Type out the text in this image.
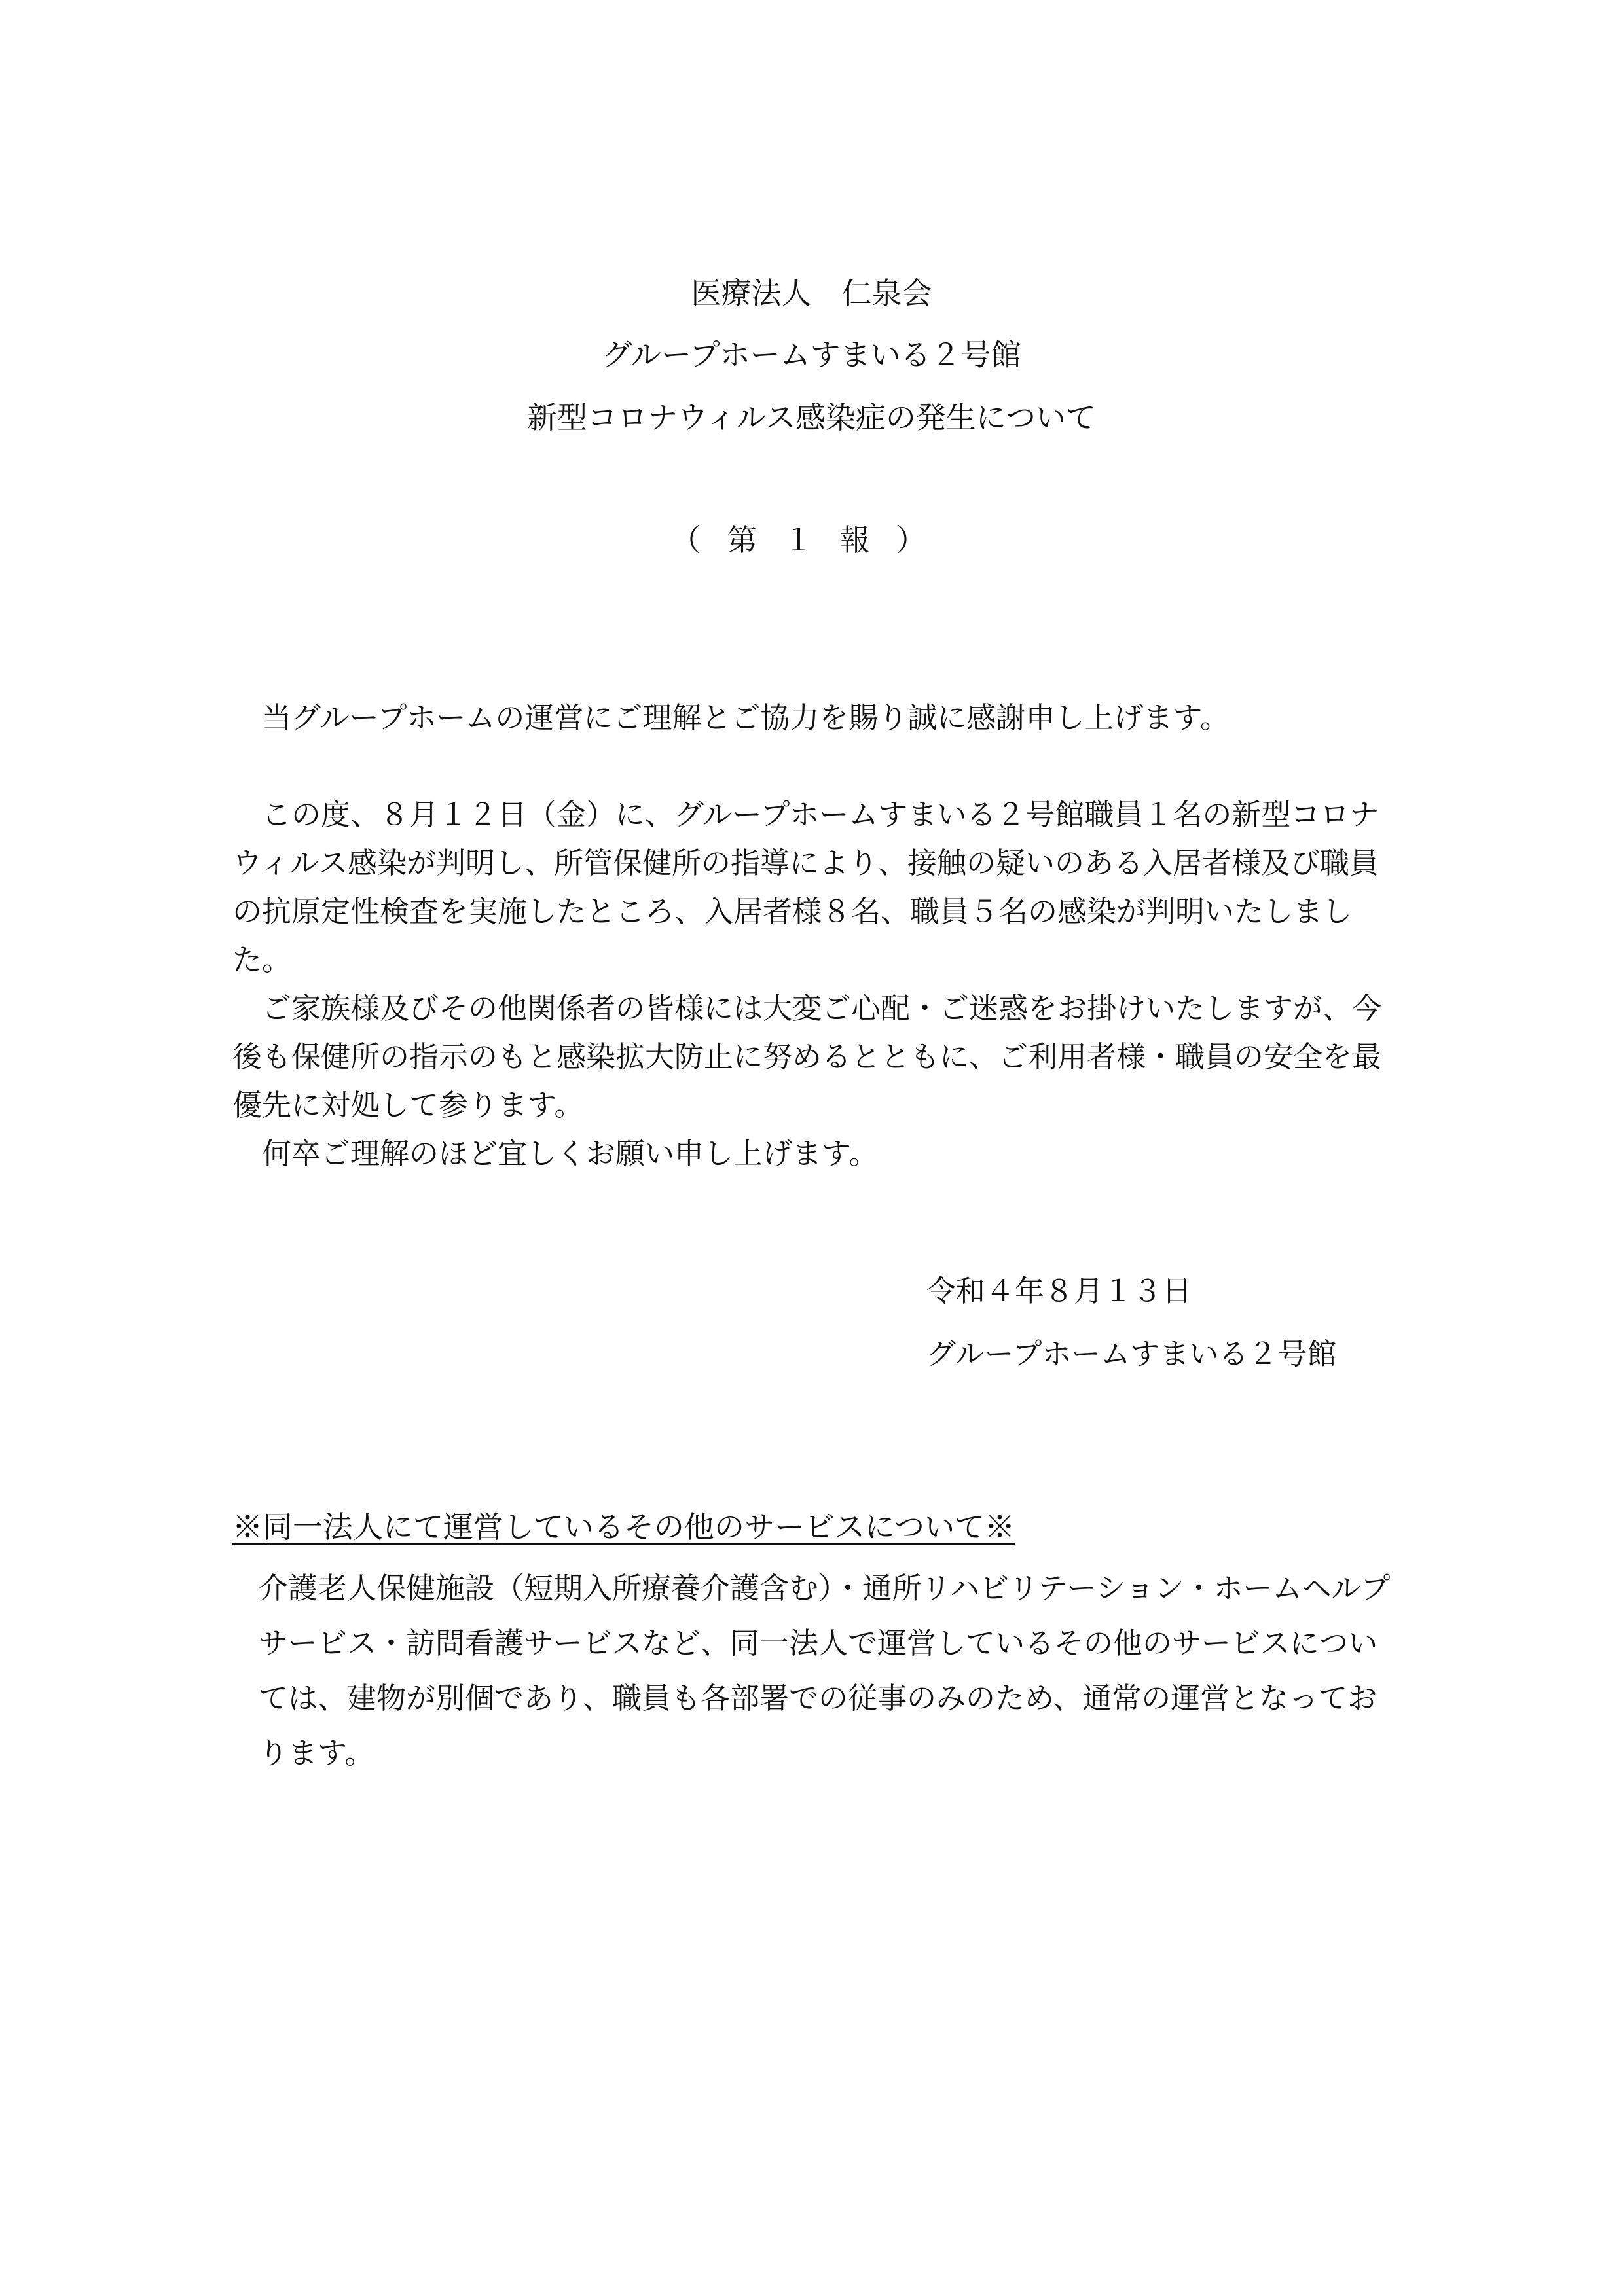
医療法人　仁泉会
グループホームすまいる２号館
新型コロナウィルス感染症の発生について
（第１報）

当グループホームの運営にご理解とご協力を賜り誠に感謝申し上げます。

この度、８月１２日（金）に、グループホームすまいる２号館職員１名の新型コロナウィルス感染が判明し、所管保健所の指導により、接触の疑いのある入居者様及び職員の抗原定性検査を実施したところ、入居者様８名、職員５名の感染が判明いたしました。

ご家族様及びその他関係者の皆様には大変ご心配・ご迷惑をお掛けいたしますが、今後も保健所の指示のもと感染拡大防止に努めるとともに、ご利用者様・職員の安全を最優先に対処して参ります。

何卒ご理解のほど宜しくお願い申し上げます。

令和４年８月１３日
グループホームすまいる２号館
※同一法人にて運営しているその他のサービスについて※

介護老人保健施設（短期入所療養介護含む）・通所リハビリテーション・ホームヘルプサービス・訪問看護サービスなど、同一法人で運営しているその他のサービスについては、建物が別個であり、職員も各部署での従事のみのため、通常の運営となっております。
